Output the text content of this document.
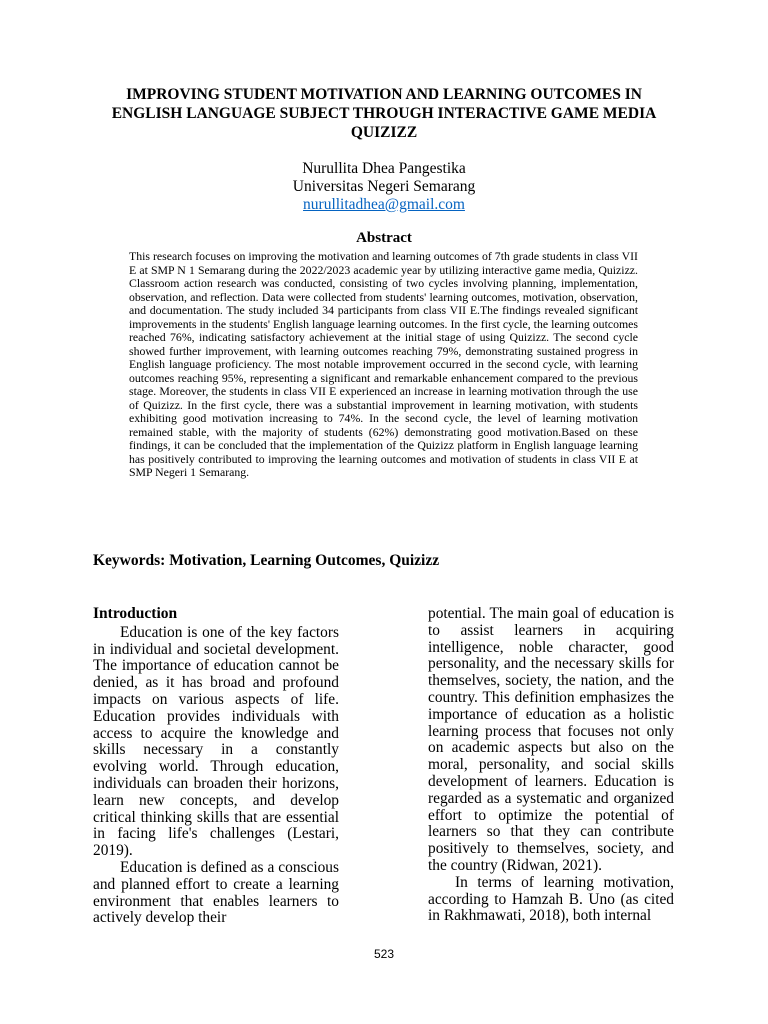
IMPROVING STUDENT MOTIVATION AND LEARNING OUTCOMES IN ENGLISH LANGUAGE SUBJECT THROUGH INTERACTIVE GAME MEDIA QUIZIZZ
Nurullita Dhea Pangestika
Universitas Negeri Semarang
nurullitadhea@gmail.com
Abstract

This research focuses on improving the motivation and learning outcomes of 7th grade students in class VII E at SMP N 1 Semarang during the 2022/2023 academic year by utilizing interactive game media, Quizizz. Classroom action research was conducted, consisting of two cycles involving planning, implementation, observation, and reflection. Data were collected from students' learning outcomes, motivation, observation, and documentation. The study included 34 participants from class VII E.The findings revealed significant improvements in the students' English language learning outcomes. In the first cycle, the learning outcomes reached 76%, indicating satisfactory achievement at the initial stage of using Quizizz. The second cycle showed further improvement, with learning outcomes reaching 79%, demonstrating sustained progress in English language proficiency. The most notable improvement occurred in the second cycle, with learning outcomes reaching 95%, representing a significant and remarkable enhancement compared to the previous stage. Moreover, the students in class VII E experienced an increase in learning motivation through the use of Quizizz. In the first cycle, there was a substantial improvement in learning motivation, with students exhibiting good motivation increasing to 74%. In the second cycle, the level of learning motivation remained stable, with the majority of students (62%) demonstrating good motivation.Based on these findings, it can be concluded that the implementation of the Quizizz platform in English language learning has positively contributed to improving the learning outcomes and motivation of students in class VII E at SMP Negeri 1 Semarang.

Keywords: Motivation, Learning Outcomes, Quizizz
Introduction

Education is one of the key factors in individual and societal development. The importance of education cannot be denied, as it has broad and profound impacts on various aspects of life. Education provides individuals with access to acquire the knowledge and skills necessary in a constantly evolving world. Through education, individuals can broaden their horizons, learn new concepts, and develop critical thinking skills that are essential in facing life's challenges (Lestari, 2019).

Education is defined as a conscious and planned effort to create a learning environment that enables learners to actively develop their

potential. The main goal of education is to assist learners in acquiring intelligence, noble character, good personality, and the necessary skills for themselves, society, the nation, and the country. This definition emphasizes the importance of education as a holistic learning process that focuses not only on academic aspects but also on the moral, personality, and social skills development of learners. Education is regarded as a systematic and organized effort to optimize the potential of learners so that they can contribute positively to themselves, society, and the country (Ridwan, 2021).

In terms of learning motivation, according to Hamzah B. Uno (as cited in Rakhmawati, 2018), both internal

523
